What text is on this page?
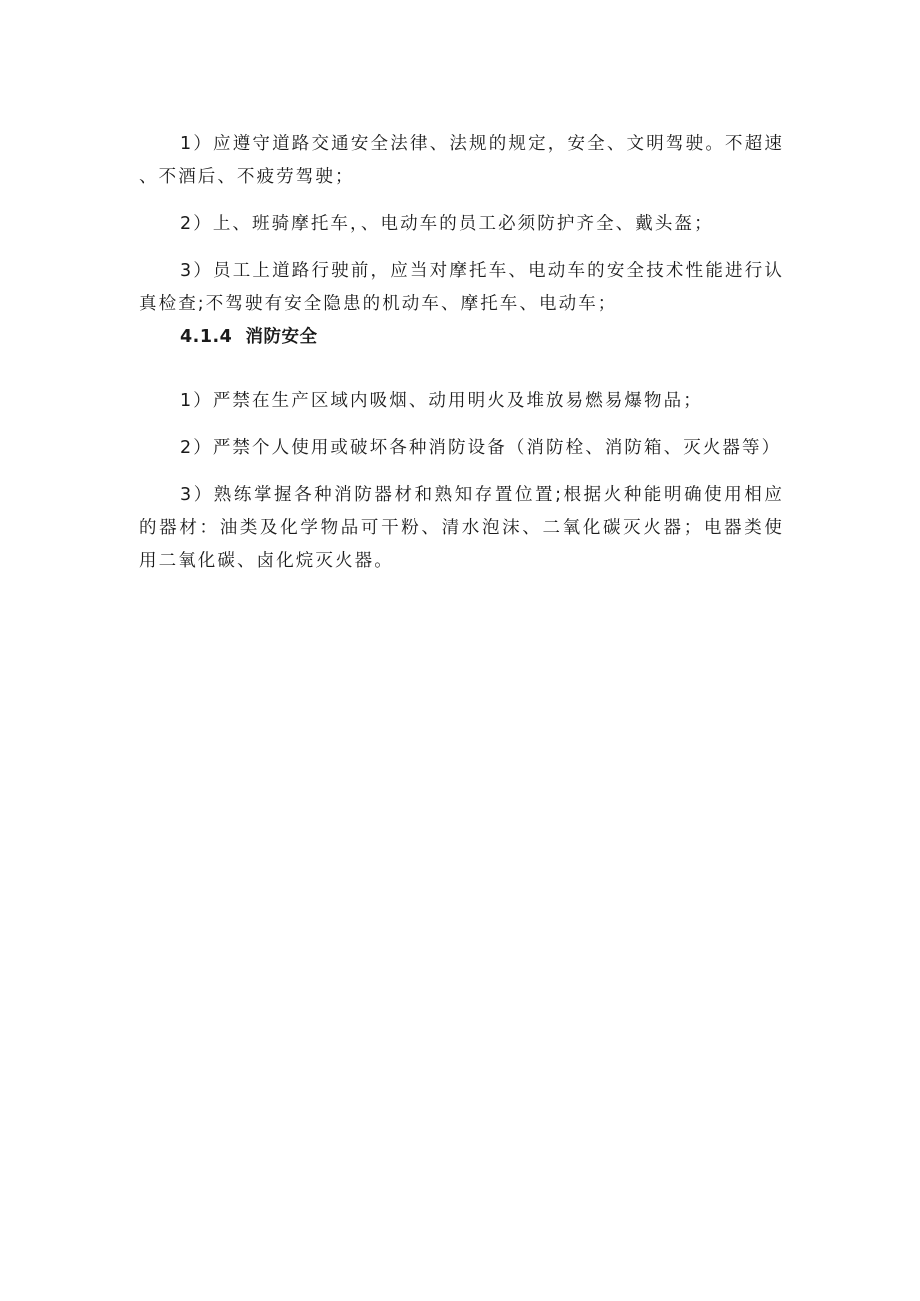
1）应遵守道路交通安全法律、法规的规定，安全、文明驾驶。不超速、不酒后、不疲劳驾驶；

2）上、班骑摩托车，、电动车的员工必须防护齐全、戴头盔；

3）员工上道路行驶前，应当对摩托车、电动车的安全技术性能进行认真检查;不驾驶有安全隐患的机动车、摩托车、电动车；

4.1.4  消防安全

1）严禁在生产区域内吸烟、动用明火及堆放易燃易爆物品；

2）严禁个人使用或破坏各种消防设备（消防栓、消防箱、灭火器等）

3）熟练掌握各种消防器材和熟知存置位置;根据火种能明确使用相应的器材：油类及化学物品可干粉、清水泡沫、二氧化碳灭火器；电器类使用二氧化碳、卤化烷灭火器。
